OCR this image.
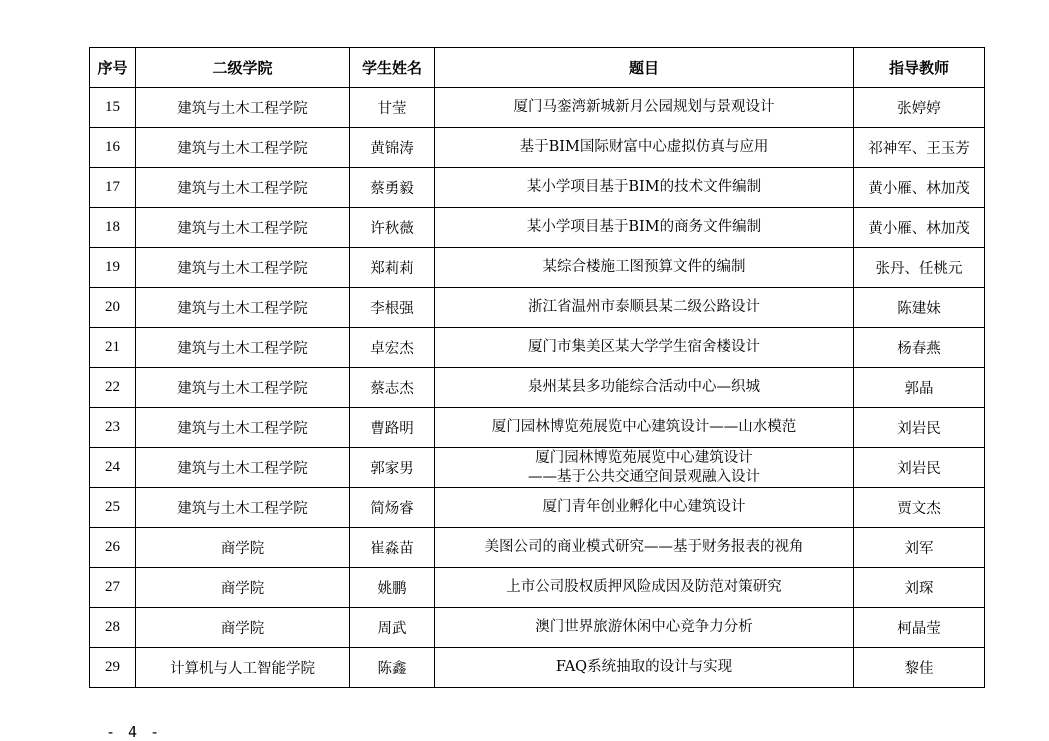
序号	二级学院	学生姓名	题目	指导教师
15	建筑与土木工程学院	甘莹	厦门马銮湾新城新月公园规划与景观设计	张婷婷
16	建筑与土木工程学院	黄锦涛	基于BIM国际财富中心虚拟仿真与应用	祁神军、王玉芳
17	建筑与土木工程学院	蔡勇毅	某小学项目基于BIM的技术文件编制	黄小雁、林加茂
18	建筑与土木工程学院	许秋薇	某小学项目基于BIM的商务文件编制	黄小雁、林加茂
19	建筑与土木工程学院	郑莉莉	某综合楼施工图预算文件的编制	张丹、任桃元
20	建筑与土木工程学院	李根强	浙江省温州市泰顺县某二级公路设计	陈建妹
21	建筑与土木工程学院	卓宏杰	厦门市集美区某大学学生宿舍楼设计	杨春燕
22	建筑与土木工程学院	蔡志杰	泉州某县多功能综合活动中心—织城	郭晶
23	建筑与土木工程学院	曹路明	厦门园林博览苑展览中心建筑设计——山水模范	刘岩民
24	建筑与土木工程学院	郭家男	厦门园林博览苑展览中心建筑设计
——基于公共交通空间景观融入设计	刘岩民
25	建筑与土木工程学院	简炀睿	厦门青年创业孵化中心建筑设计	贾文杰
26	商学院	崔淼苗	美图公司的商业模式研究——基于财务报表的视角	刘军
27	商学院	姚鹏	上市公司股权质押风险成因及防范对策研究	刘琛
28	商学院	周武	澳门世界旅游休闲中心竞争力分析	柯晶莹
29	计算机与人工智能学院	陈鑫	FAQ系统抽取的设计与实现	黎佳
- 4 -
